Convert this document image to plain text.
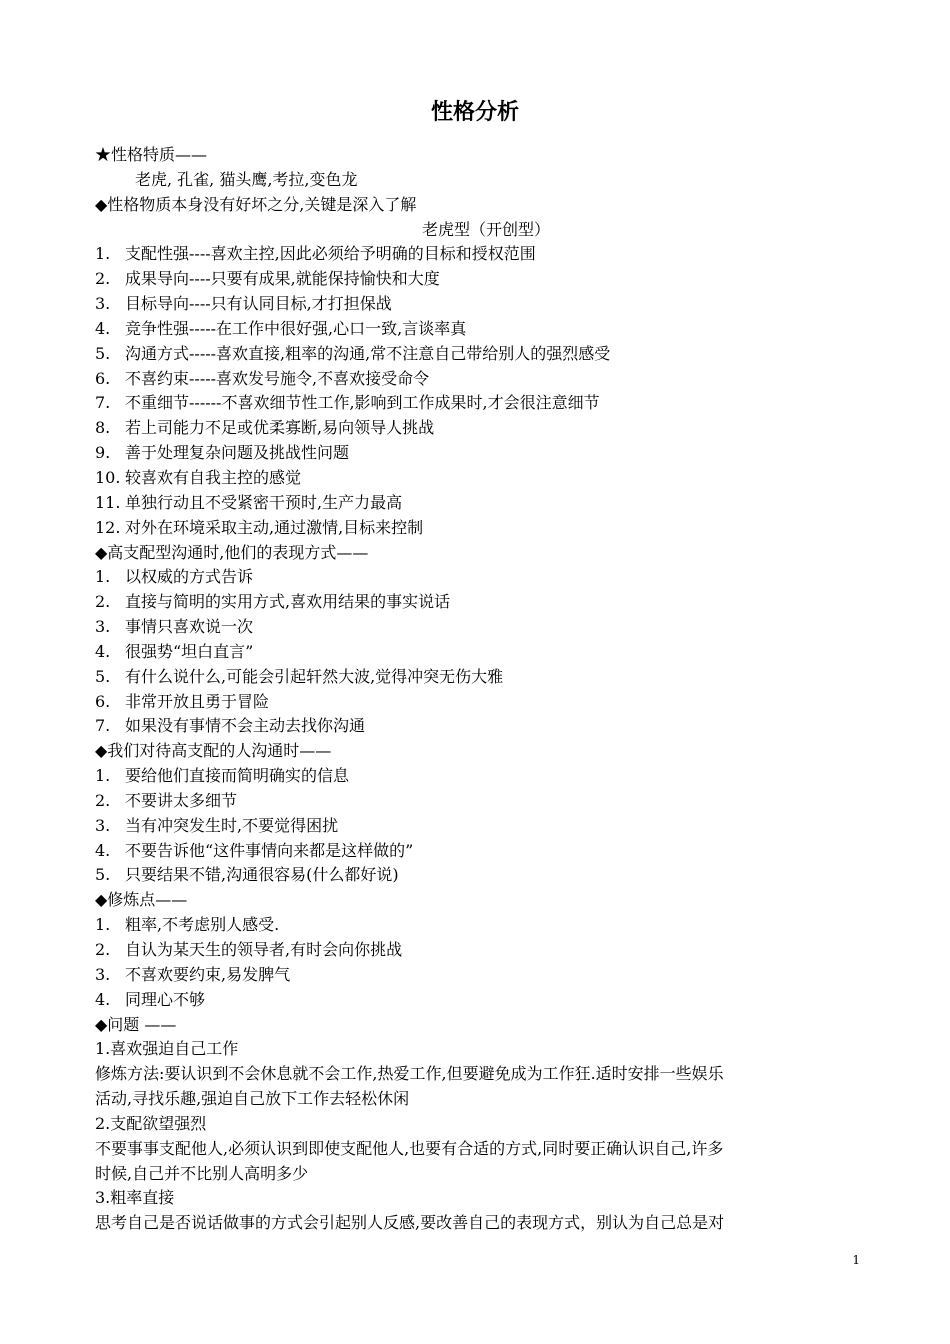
性格分析
★性格特质——
老虎, 孔雀, 猫头鹰,考拉,变色龙
◆性格物质本身没有好坏之分,关键是深入了解
老虎型（开创型）
1. 支配性强----喜欢主控,因此必须给予明确的目标和授权范围
2. 成果导向----只要有成果,就能保持愉快和大度
3. 目标导向----只有认同目标,才打担保战
4. 竞争性强-----在工作中很好强,心口一致,言谈率真
5. 沟通方式-----喜欢直接,粗率的沟通,常不注意自己带给别人的强烈感受
6. 不喜约束-----喜欢发号施令,不喜欢接受命令
7. 不重细节------不喜欢细节性工作,影响到工作成果时,才会很注意细节
8. 若上司能力不足或优柔寡断,易向领导人挑战
9. 善于处理复杂问题及挑战性问题
10. 较喜欢有自我主控的感觉
11. 单独行动且不受紧密干预时,生产力最高
12. 对外在环境采取主动,通过激情,目标来控制
◆高支配型沟通时,他们的表现方式——
1. 以权威的方式告诉
2. 直接与简明的实用方式,喜欢用结果的事实说话
3. 事情只喜欢说一次
4. 很强势“坦白直言”
5. 有什么说什么,可能会引起轩然大波,觉得冲突无伤大雅
6. 非常开放且勇于冒险
7. 如果没有事情不会主动去找你沟通
◆我们对待高支配的人沟通时——
1. 要给他们直接而简明确实的信息
2. 不要讲太多细节
3. 当有冲突发生时,不要觉得困扰
4. 不要告诉他“这件事情向来都是这样做的”
5. 只要结果不错,沟通很容易(什么都好说)
◆修炼点——
1. 粗率,不考虑别人感受.
2. 自认为某天生的领导者,有时会向你挑战
3. 不喜欢要约束,易发脾气
4. 同理心不够
◆问题 ——
1.喜欢强迫自己工作
修炼方法:要认识到不会休息就不会工作,热爱工作,但要避免成为工作狂.适时安排一些娱乐
活动,寻找乐趣,强迫自己放下工作去轻松休闲
2.支配欲望强烈
不要事事支配他人,必须认识到即使支配他人,也要有合适的方式,同时要正确认识自己,许多
时候,自己并不比别人高明多少
3.粗率直接
思考自己是否说话做事的方式会引起别人反感,要改善自己的表现方式，别认为自己总是对
1
